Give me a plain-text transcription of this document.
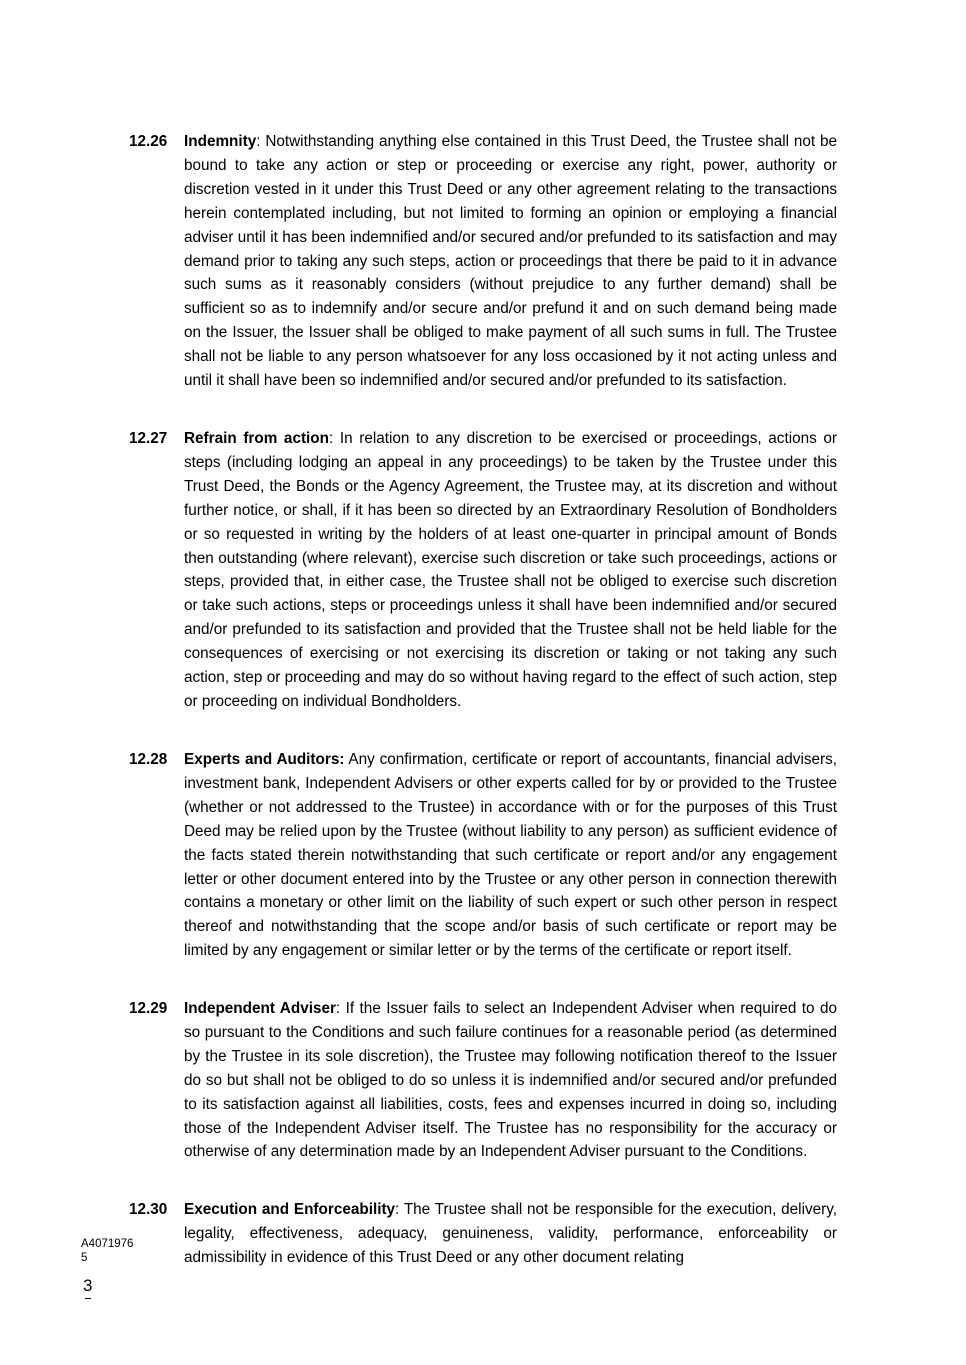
12.26 Indemnity: Notwithstanding anything else contained in this Trust Deed, the Trustee shall not be bound to take any action or step or proceeding or exercise any right, power, authority or discretion vested in it under this Trust Deed or any other agreement relating to the transactions herein contemplated including, but not limited to forming an opinion or employing a financial adviser until it has been indemnified and/or secured and/or prefunded to its satisfaction and may demand prior to taking any such steps, action or proceedings that there be paid to it in advance such sums as it reasonably considers (without prejudice to any further demand) shall be sufficient so as to indemnify and/or secure and/or prefund it and on such demand being made on the Issuer, the Issuer shall be obliged to make payment of all such sums in full. The Trustee shall not be liable to any person whatsoever for any loss occasioned by it not acting unless and until it shall have been so indemnified and/or secured and/or prefunded to its satisfaction.
12.27 Refrain from action: In relation to any discretion to be exercised or proceedings, actions or steps (including lodging an appeal in any proceedings) to be taken by the Trustee under this Trust Deed, the Bonds or the Agency Agreement, the Trustee may, at its discretion and without further notice, or shall, if it has been so directed by an Extraordinary Resolution of Bondholders or so requested in writing by the holders of at least one-quarter in principal amount of Bonds then outstanding (where relevant), exercise such discretion or take such proceedings, actions or steps, provided that, in either case, the Trustee shall not be obliged to exercise such discretion or take such actions, steps or proceedings unless it shall have been indemnified and/or secured and/or prefunded to its satisfaction and provided that the Trustee shall not be held liable for the consequences of exercising or not exercising its discretion or taking or not taking any such action, step or proceeding and may do so without having regard to the effect of such action, step or proceeding on individual Bondholders.
12.28 Experts and Auditors: Any confirmation, certificate or report of accountants, financial advisers, investment bank, Independent Advisers or other experts called for by or provided to the Trustee (whether or not addressed to the Trustee) in accordance with or for the purposes of this Trust Deed may be relied upon by the Trustee (without liability to any person) as sufficient evidence of the facts stated therein notwithstanding that such certificate or report and/or any engagement letter or other document entered into by the Trustee or any other person in connection therewith contains a monetary or other limit on the liability of such expert or such other person in respect thereof and notwithstanding that the scope and/or basis of such certificate or report may be limited by any engagement or similar letter or by the terms of the certificate or report itself.
12.29 Independent Adviser: If the Issuer fails to select an Independent Adviser when required to do so pursuant to the Conditions and such failure continues for a reasonable period (as determined by the Trustee in its sole discretion), the Trustee may following notification thereof to the Issuer do so but shall not be obliged to do so unless it is indemnified and/or secured and/or prefunded to its satisfaction against all liabilities, costs, fees and expenses incurred in doing so, including those of the Independent Adviser itself. The Trustee has no responsibility for the accuracy or otherwise of any determination made by an Independent Adviser pursuant to the Conditions.
12.30 Execution and Enforceability: The Trustee shall not be responsible for the execution, delivery, legality, effectiveness, adequacy, genuineness, validity, performance, enforceability or admissibility in evidence of this Trust Deed or any other document relating
A4071976 5
3
